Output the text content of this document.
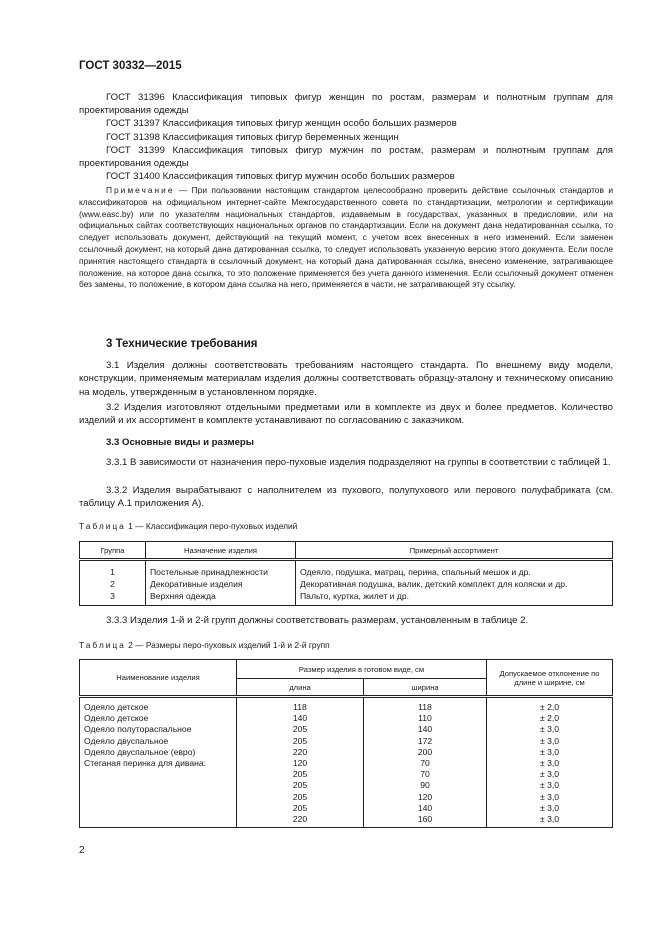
ГОСТ 30332—2015

ГОСТ 31396 Классификация типовых фигур женщин по ростам, размерам и полнотным группам для проектирования одежды

ГОСТ 31397 Классификация типовых фигур женщин особо больших размеров

ГОСТ 31398 Классификация типовых фигур беременных женщин

ГОСТ 31399 Классификация типовых фигур мужчин по ростам, размерам и полнотным группам для проектирования одежды

ГОСТ 31400 Классификация типовых фигур мужчин особо больших размеров

Примечание — При пользовании настоящим стандартом целесообразно проверить действие ссылочных стандартов и классификаторов на официальном интернет-сайте Межгосударственного совета по стандартизации, метрологии и сертификации (www.easc.by) или по указателям национальных стандартов, издаваемым в государствах, указанных в предисловии, или на официальных сайтах соответствующих национальных органов по стандартизации. Если на документ дана недатированная ссылка, то следует использовать документ, действующий на текущий момент, с учетом всех внесенных в него изменений. Если заменен ссылочный документ, на который дана датированная ссылка, то следует использовать указанную версию этого документа. Если после принятия настоящего стандарта в ссылочный документ, на который дана датированная ссылка, внесено изменение, затрагивающее положение, на которое дана ссылка, то это положение применяется без учета данного изменения. Если ссылочный документ отменен без замены, то положение, в котором дана ссылка на него, применяется в части, не затрагивающей эту ссылку.

3 Технические требования

3.1 Изделия должны соответствовать требованиям настоящего стандарта. По внешнему виду модели, конструкции, применяемым материалам изделия должны соответствовать образцу-эталону и техническому описанию на модель, утвержденным в установленном порядке.

3.2 Изделия изготовляют отдельными предметами или в комплекте из двух и более предметов. Количество изделий и их ассортимент в комплекте устанавливают по согласованию с заказчиком.

3.3 Основные виды и размеры

3.3.1 В зависимости от назначения перо-пуховые изделия подразделяют на группы в соответствии с таблицей 1.

3.3.2 Изделия вырабатывают с наполнителем из пухового, полупухового или перового полуфабриката (см. таблицу А.1 приложения А).

Таблица 1 — Классификация перо-пуховых изделий
Группа	Назначение изделия	Примерный ассортимент
1	Постельные принадлежности	Одеяло, подушка, матрац, перина, спальный мешок и др.
2	Декоративные изделия	Декоративная подушка, валик, детский комплект для коляски и др.
3	Верхняя одежда	Пальто, куртка, жилет и др.

3.3.3 Изделия 1-й и 2-й групп должны соответствовать размерам, установленным в таблице 2.

Таблица 2 — Размеры перо-пуховых изделий 1-й и 2-й групп
Наименование изделия	Размер изделия в готовом виде, см		Допускаемое отклонение по длине и ширине, см
	длина	ширина	
Одеяло детское	118	118	± 2,0
Одеяло детское	140	110	± 2,0
Одеяло полутораспальное	205	140	± 3,0
Одеяло двуспальное	205	172	± 3,0
Одеяло двуспальное (евро)	220	200	± 3,0
Стеганая перинка для дивана:	120	70	± 3,0
	205	70	± 3,0
	205	90	± 3,0
	205	120	± 3,0
	205	140	± 3,0
	220	160	± 3,0
2
